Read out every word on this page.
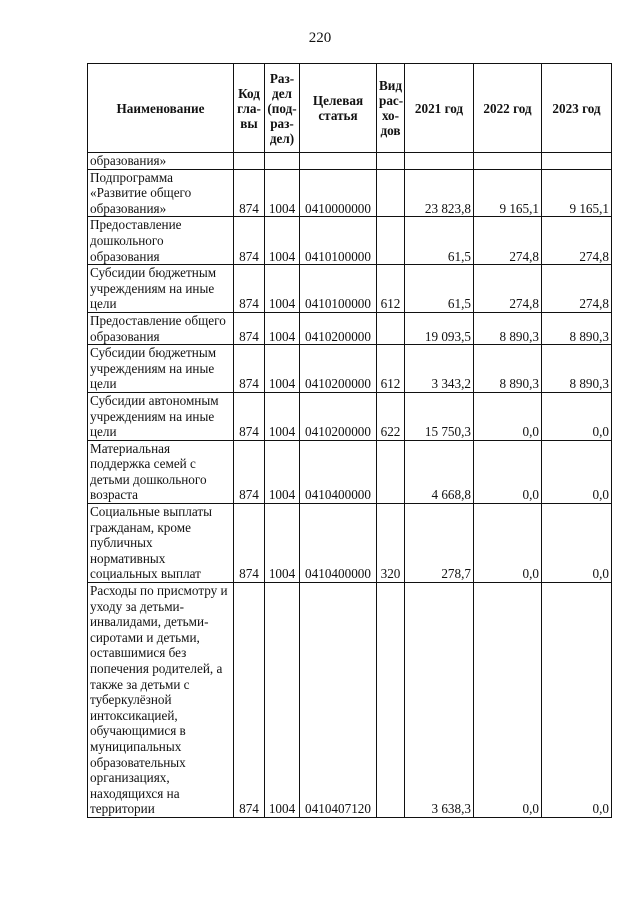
220
Наименование	Код гла-вы	Раз-дел (под-раз-дел)	Целевая статья	Вид рас-хо-дов	2021 год	2022 год	2023 год
образования»							
Подпрограмма «Развитие общего образования»	874	1004	0410000000		23 823,8	9 165,1	9 165,1
Предоставление дошкольного образования	874	1004	0410100000		61,5	274,8	274,8
Субсидии бюджетным учреждениям на иные цели	874	1004	0410100000	612	61,5	274,8	274,8
Предоставление общего образования	874	1004	0410200000		19 093,5	8 890,3	8 890,3
Субсидии бюджетным учреждениям на иные цели	874	1004	0410200000	612	3 343,2	8 890,3	8 890,3
Субсидии автономным учреждениям на иные цели	874	1004	0410200000	622	15 750,3	0,0	0,0
Материальная поддержка семей с детьми дошкольного возраста	874	1004	0410400000		4 668,8	0,0	0,0
Социальные выплаты гражданам, кроме публичных нормативных социальных выплат	874	1004	0410400000	320	278,7	0,0	0,0
Расходы по присмотру и уходу за детьми-инвалидами, детьми-сиротами и детьми, оставшимися без попечения родителей, а также за детьми с туберкулёзной интоксикацией, обучающимися в муниципальных образовательных организациях, находящихся на территории	874	1004	0410407120		3 638,3	0,0	0,0
